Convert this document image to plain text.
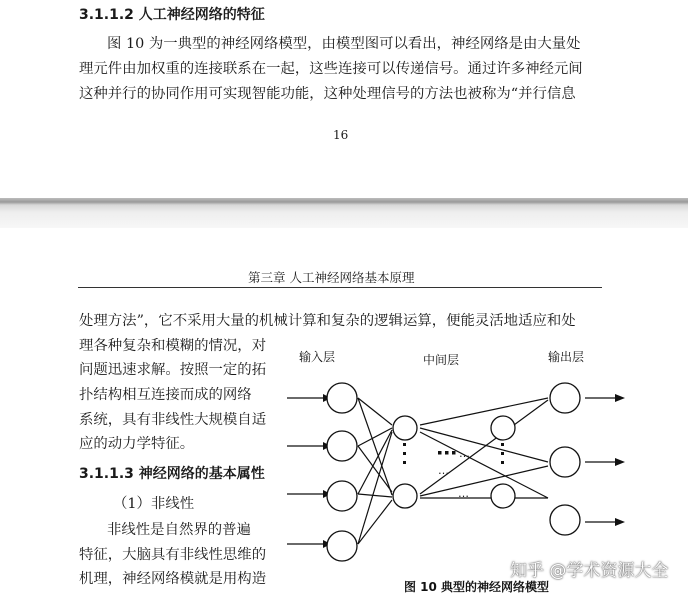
3.1.1.2 人工神经网络的特征
图 10 为一典型的神经网络模型，由模型图可以看出，神经网络是由大量处
理元件由加权重的连接联系在一起，这些连接可以传递信号。通过许多神经元间
这种并行的协同作用可实现智能功能，这种处理信号的方法也被称为“并行信息
16
第三章 人工神经网络基本原理
处理方法”，它不采用大量的机械计算和复杂的逻辑运算，便能灵活地适应和处
理各种复杂和模糊的情况，对
问题迅速求解。按照一定的拓
扑结构相互连接而成的网络
系统，具有非线性大规模自适
应的动力学特征。
3.1.1.3 神经网络的基本属性
（1）非线性
非线性是自然界的普遍
特征，大脑具有非线性思维的
机理，神经网络模就是用构造
…
…
…
输入层	中间层	输出层
图 10 典型的神经网络模型
知乎 @学术资源大全
